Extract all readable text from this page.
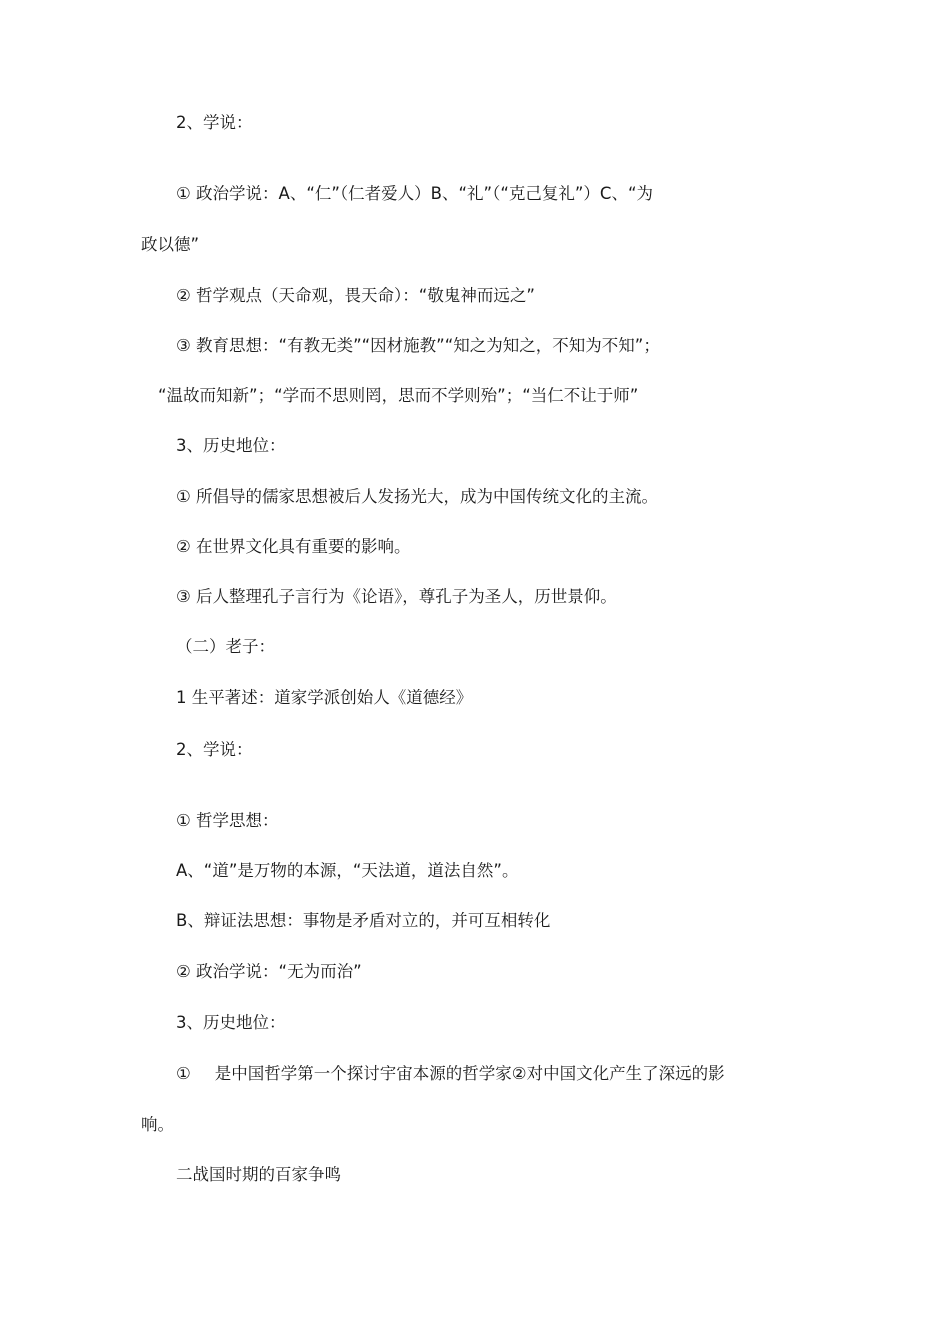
2、学说：
① 政治学说：A、“仁”（仁者爱人）B、“礼”（“克己复礼”）C、“为
政以德”
② 哲学观点（天命观，畏天命）：“敬鬼神而远之”
③ 教育思想：“有教无类”“因材施教”“知之为知之，不知为不知”；
“温故而知新”；“学而不思则罔，思而不学则殆”；“当仁不让于师”
3、历史地位：
① 所倡导的儒家思想被后人发扬光大，成为中国传统文化的主流。
② 在世界文化具有重要的影响。
③ 后人整理孔子言行为《论语》，尊孔子为圣人，历世景仰。
（二）老子：
1 生平著述：道家学派创始人《道德经》
2、学说：
① 哲学思想：
A、“道”是万物的本源，“天法道，道法自然”。
B、辩证法思想：事物是矛盾对立的，并可互相转化
② 政治学说：“无为而治”
3、历史地位：
① 是中国哲学第一个探讨宇宙本源的哲学家②对中国文化产生了深远的影
响。
二战国时期的百家争鸣
